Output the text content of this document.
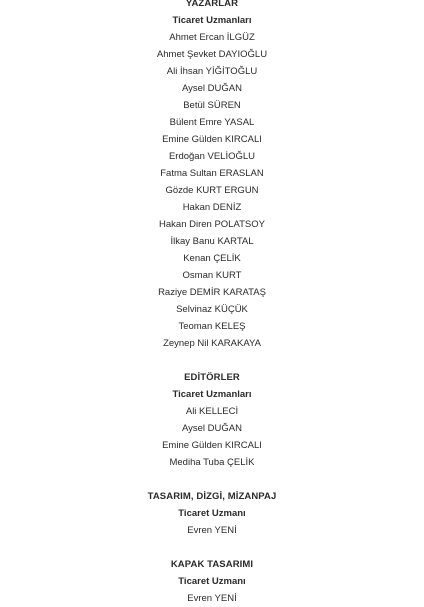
YAZARLAR
Ticaret Uzmanları
Ahmet Ercan İLGÜZ
Ahmet Şevket DAYIOĞLU
Ali İhsan YİĞİTOĞLU
Aysel DUĞAN
Betül SÜREN
Bülent Emre YASAL
Emine Gülden KIRCALI
Erdoğan VELİOĞLU
Fatma Sultan ERASLAN
Gözde KURT ERGUN
Hakan DENİZ
Hakan Diren POLATSOY
İlkay Banu KARTAL
Kenan ÇELİK
Osman KURT
Raziye DEMİR KARATAŞ
Selvinaz KÜÇÜK
Teoman KELEŞ
Zeynep Nil KARAKAYA
EDİTÖRLER
Ticaret Uzmanları
Ali KELLECİ
Aysel DUĞAN
Emine Gülden KIRCALI
Mediha Tuba ÇELİK
TASARIM, DİZGİ, MİZANPAJ
Ticaret Uzmanı
Evren YENİ
KAPAK TASARIMI
Ticaret Uzmanı
Evren YENİ
